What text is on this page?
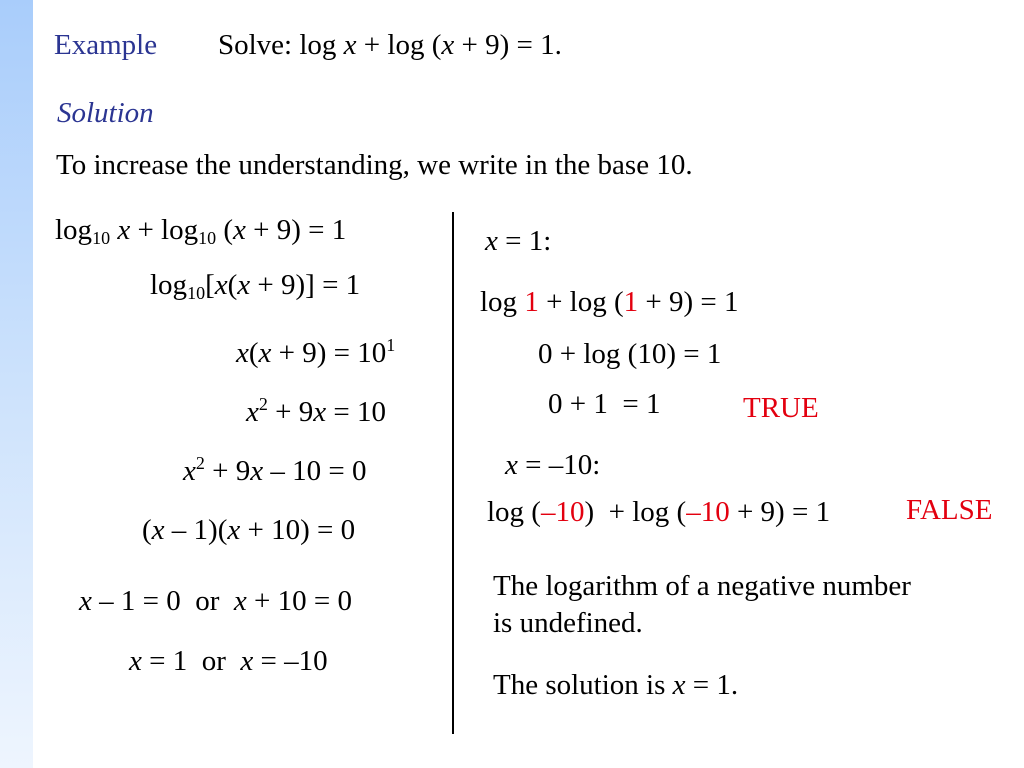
Example Solve: log x + log (x + 9) = 1.
Solution
To increase the understanding, we write in the base 10.
$\log_{10} x + \log_{10} (x + 9) = 1$
$\log_{10}[x(x + 9)] = 1$
$x(x + 9) = 10^1$
$x^2 + 9x = 10$
$x^2 + 9x - 10 = 0$
(x – 1)(x + 10) = 0
x – 1 = 0  or  x + 10 = 0
x = 1  or  x = –10
x = 1:
log 1 + log (1 + 9) = 1
0 + log (10) = 1
0 + 1  = 1	TRUE
x = –10:
log (–10)  + log (–10 + 9) = 1	FALSE
The logarithm of a negative number is undefined.
The solution is x = 1.
